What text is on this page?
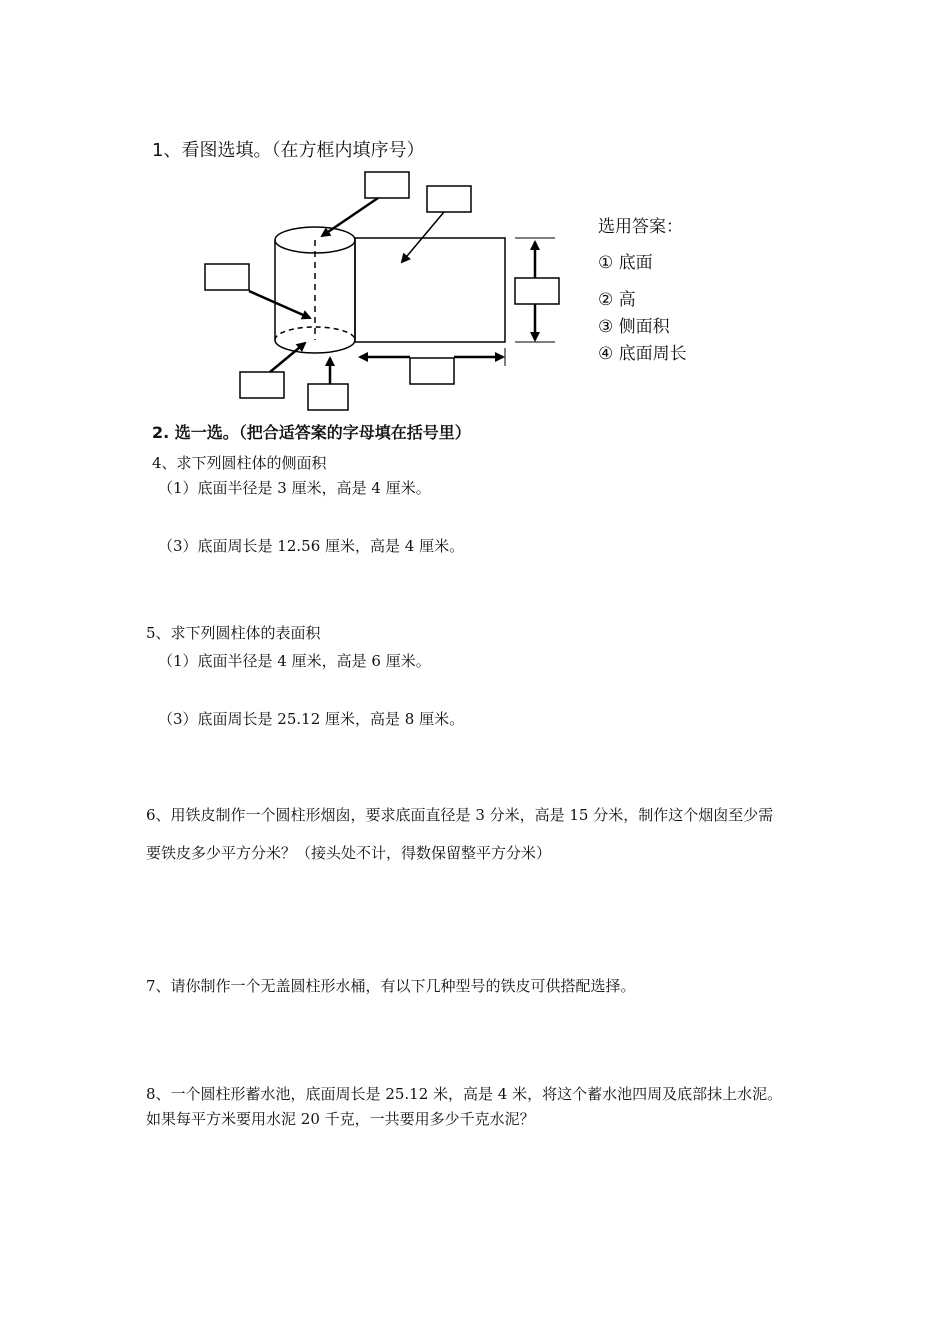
1、看图选填。（在方框内填序号）
选用答案：
① 底面
② 高
③ 侧面积
④ 底面周长
2. 选一选。（把合适答案的字母填在括号里）
4、求下列圆柱体的侧面积
（1）底面半径是 3 厘米，高是 4 厘米。
（3）底面周长是 12.56 厘米，高是 4 厘米。
5、求下列圆柱体的表面积
（1）底面半径是 4 厘米，高是 6 厘米。
（3）底面周长是 25.12 厘米，高是 8 厘米。
6、用铁皮制作一个圆柱形烟囱，要求底面直径是 3 分米，高是 15 分米，制作这个烟囱至少需
要铁皮多少平方分米？（接头处不计，得数保留整平方分米）
7、请你制作一个无盖圆柱形水桶，有以下几种型号的铁皮可供搭配选择。
8、一个圆柱形蓄水池，底面周长是 25.12 米，高是 4 米，将这个蓄水池四周及底部抹上水泥。
如果每平方米要用水泥 20 千克，一共要用多少千克水泥？
